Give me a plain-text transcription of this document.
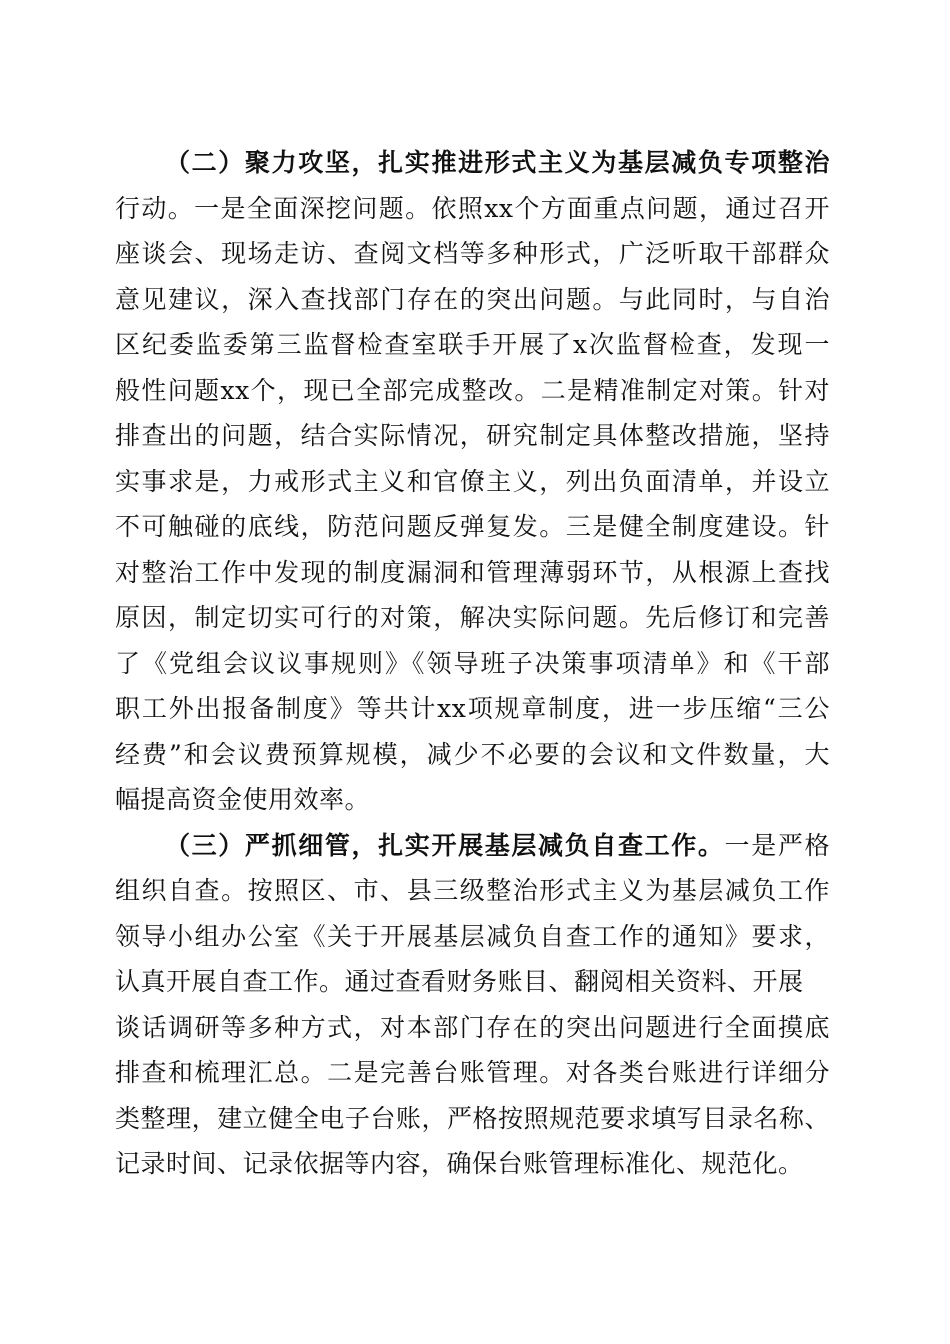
（二）聚力攻坚，扎实推进形式主义为基层减负专项整治
行动。一是全面深挖问题。依照xx个方面重点问题，通过召开
座谈会、现场走访、查阅文档等多种形式，广泛听取干部群众
意见建议，深入查找部门存在的突出问题。与此同时，与自治
区纪委监委第三监督检查室联手开展了x次监督检查，发现一
般性问题xx个，现已全部完成整改。二是精准制定对策。针对
排查出的问题，结合实际情况，研究制定具体整改措施，坚持
实事求是，力戒形式主义和官僚主义，列出负面清单，并设立
不可触碰的底线，防范问题反弹复发。三是健全制度建设。针
对整治工作中发现的制度漏洞和管理薄弱环节，从根源上查找
原因，制定切实可行的对策，解决实际问题。先后修订和完善
了《党组会议议事规则》《领导班子决策事项清单》和《干部
职工外出报备制度》等共计xx项规章制度，进一步压缩“三公
经费”和会议费预算规模，减少不必要的会议和文件数量，大
幅提高资金使用效率。
（三）严抓细管，扎实开展基层减负自查工作。一是严格
组织自查。按照区、市、县三级整治形式主义为基层减负工作
领导小组办公室《关于开展基层减负自查工作的通知》要求，
认真开展自查工作。通过查看财务账目、翻阅相关资料、开展
谈话调研等多种方式，对本部门存在的突出问题进行全面摸底
排查和梳理汇总。二是完善台账管理。对各类台账进行详细分
类整理，建立健全电子台账，严格按照规范要求填写目录名称、
记录时间、记录依据等内容，确保台账管理标准化、规范化。
